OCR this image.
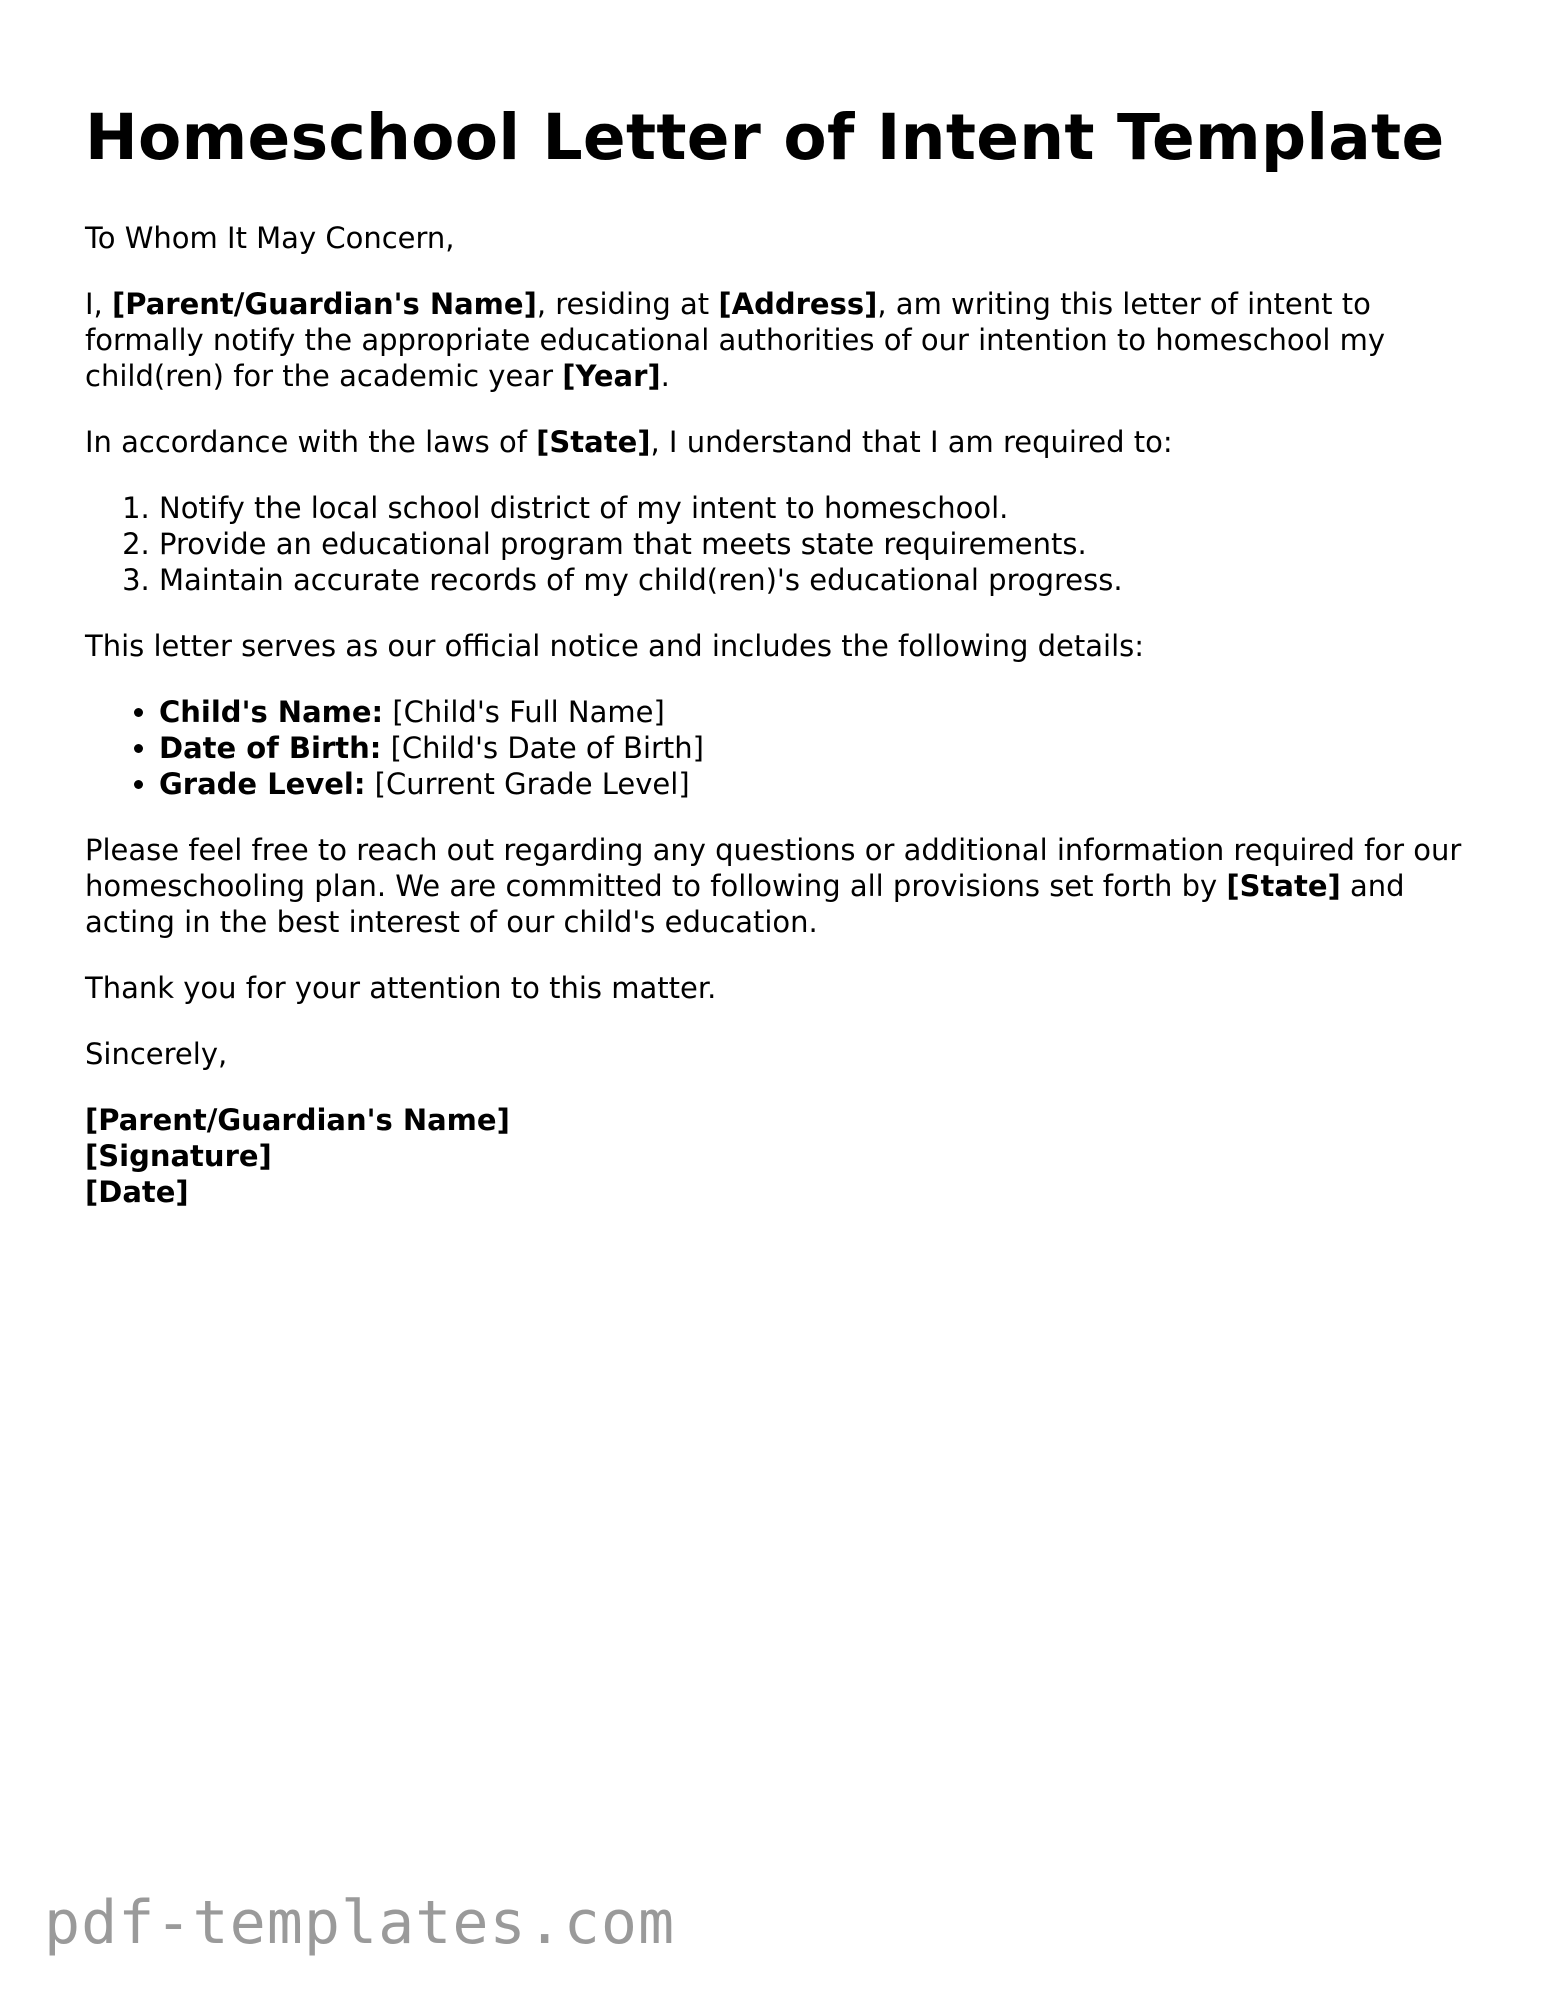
Homeschool Letter of Intent Template

To Whom It May Concern,

I, [Parent/Guardian's Name], residing at [Address], am writing this letter of intent to formally notify the appropriate educational authorities of our intention to homeschool my child(ren) for the academic year [Year].

In accordance with the laws of [State], I understand that I am required to:

1. Notify the local school district of my intent to homeschool.
2. Provide an educational program that meets state requirements.
3. Maintain accurate records of my child(ren)'s educational progress.

This letter serves as our official notice and includes the following details:

• Child's Name: [Child's Full Name]
• Date of Birth: [Child's Date of Birth]
• Grade Level: [Current Grade Level]

Please feel free to reach out regarding any questions or additional information required for our homeschooling plan. We are committed to following all provisions set forth by [State] and acting in the best interest of our child's education.

Thank you for your attention to this matter.

Sincerely,

[Parent/Guardian's Name]
[Signature]
[Date]
pdf-templates.com
